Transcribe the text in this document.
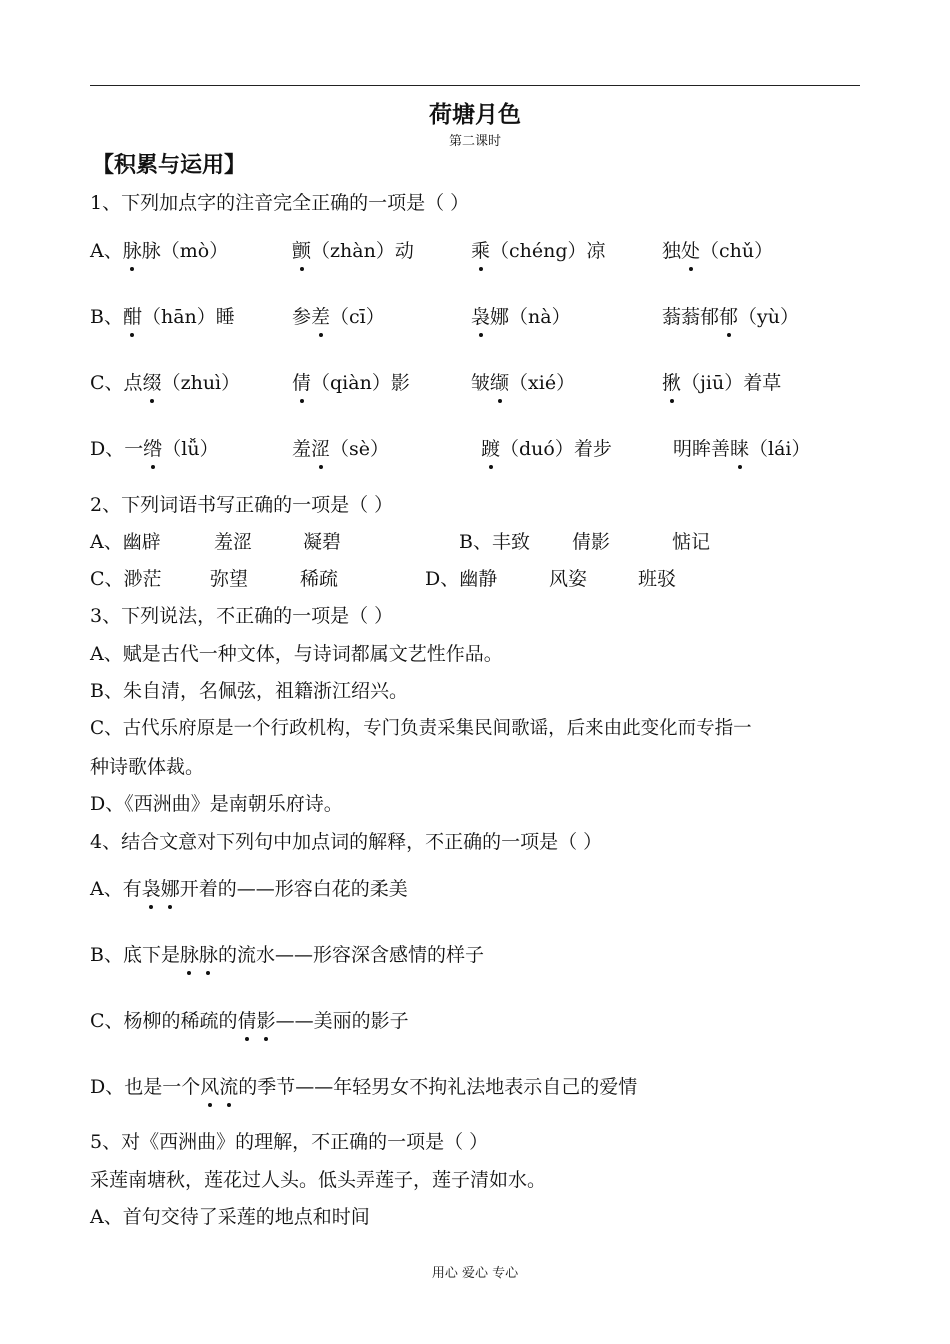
荷塘月色
第二课时
【积累与运用】
1、下列加点字的注音完全正确的一项是（ ）
A、脉脉（mò）	颤（zhàn）动	乘（chéng）凉	独处（chǔ）
B、酣（hān）睡	参差（cī）	袅娜（nà）	蓊蓊郁郁（yù）
C、点缀（zhuì）	倩（qiàn）影	皱缬（xié）	揪（jiū）着草
D、一绺（lǚ）	羞涩（sè）	踱（duó）着步	明眸善睐（lái）
2、下列词语书写正确的一项是（ ）
A、幽辟	羞涩	凝碧	B、丰致 倩影	惦记
C、渺茫	弥望	稀疏	D、幽静	风姿	班驳
3、下列说法，不正确的一项是（ ）
A、赋是古代一种文体，与诗词都属文艺性作品。
B、朱自清，名佩弦，祖籍浙江绍兴。
C、古代乐府原是一个行政机构，专门负责采集民间歌谣，后来由此变化而专指一
种诗歌体裁。
D、《西洲曲》是南朝乐府诗。
4、结合文意对下列句中加点词的解释，不正确的一项是（ ）
A、有袅娜开着的——形容白花的柔美
B、底下是脉脉的流水——形容深含感情的样子
C、杨柳的稀疏的倩影——美丽的影子
D、也是一个风流的季节——年轻男女不拘礼法地表示自己的爱情
5、对《西洲曲》的理解，不正确的一项是（ ）
采莲南塘秋，莲花过人头。低头弄莲子，莲子清如水。
A、首句交待了采莲的地点和时间
用心 爱心 专心
